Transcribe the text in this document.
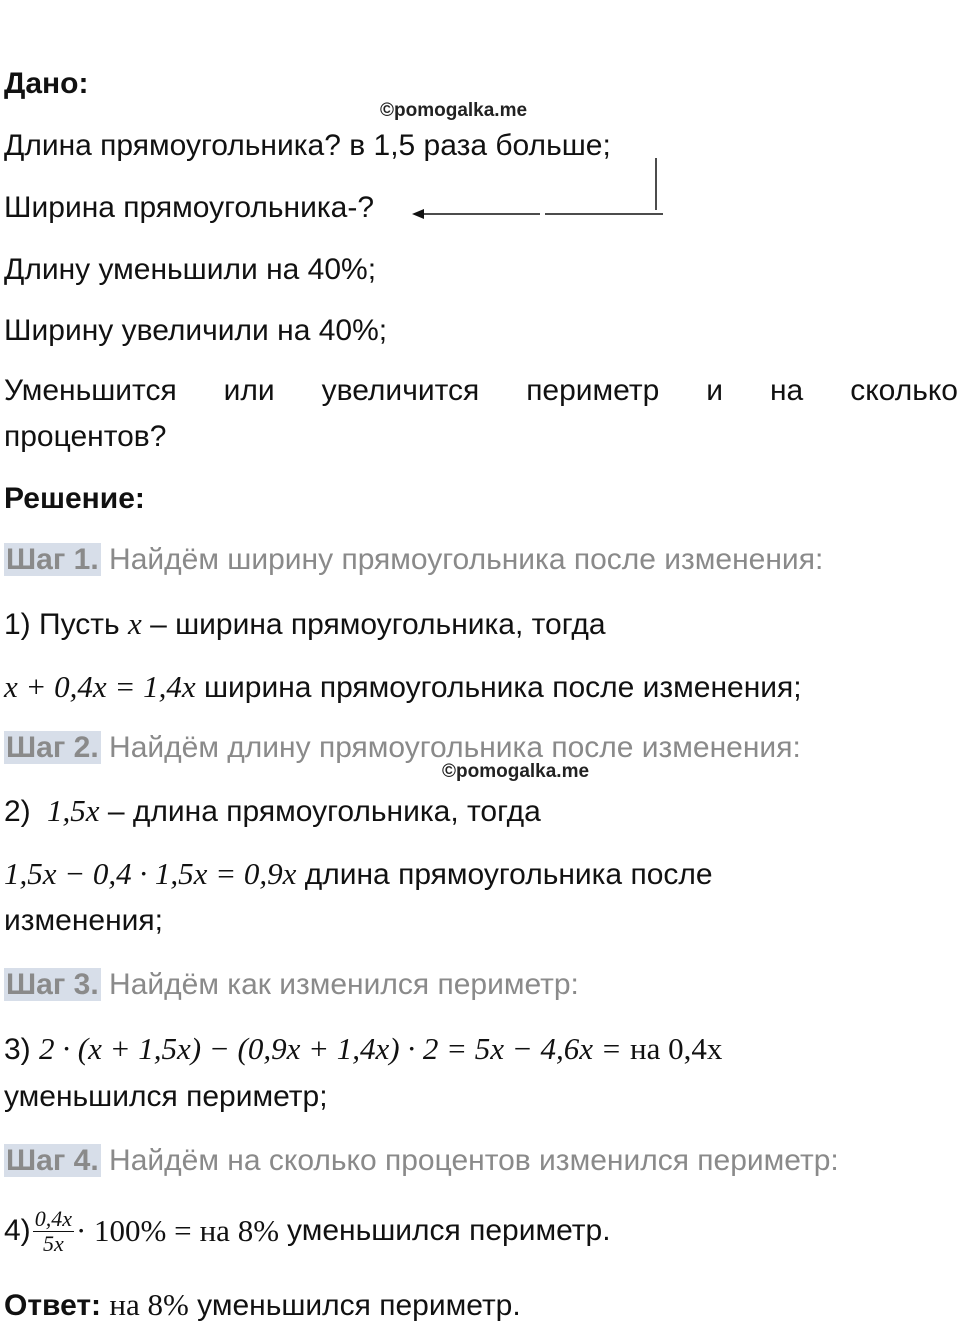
Дано:
©pomogalka.me
Длина прямоугольника? в 1,5 раза больше;
Ширина прямоугольника-?
Длину уменьшили на 40%;
Ширину увеличили на 40%;
Уменьшится или увеличится периметр и на сколько
процентов?
Решение:
Шаг 1. Найдём ширину прямоугольника после изменения:
1) Пусть x – ширина прямоугольника, тогда
x + 0,4x = 1,4x ширина прямоугольника после изменения;
Шаг 2. Найдём длину прямоугольника после изменения:
©pomogalka.me
2) 1,5x – длина прямоугольника, тогда
1,5x − 0,4 · 1,5x = 0,9x длина прямоугольника после
изменения;
Шаг 3. Найдём как изменился периметр:
3) 2 · (x + 1,5x) − (0,9x + 1,4x) · 2 = 5x − 4,6x = на 0,4х
уменьшился периметр;
Шаг 4. Найдём на сколько процентов изменился периметр:
$4) \frac{0,4x}{5x} \cdot 100\%$ = на 8% уменьшился периметр.
Ответ: на 8% уменьшился периметр.
